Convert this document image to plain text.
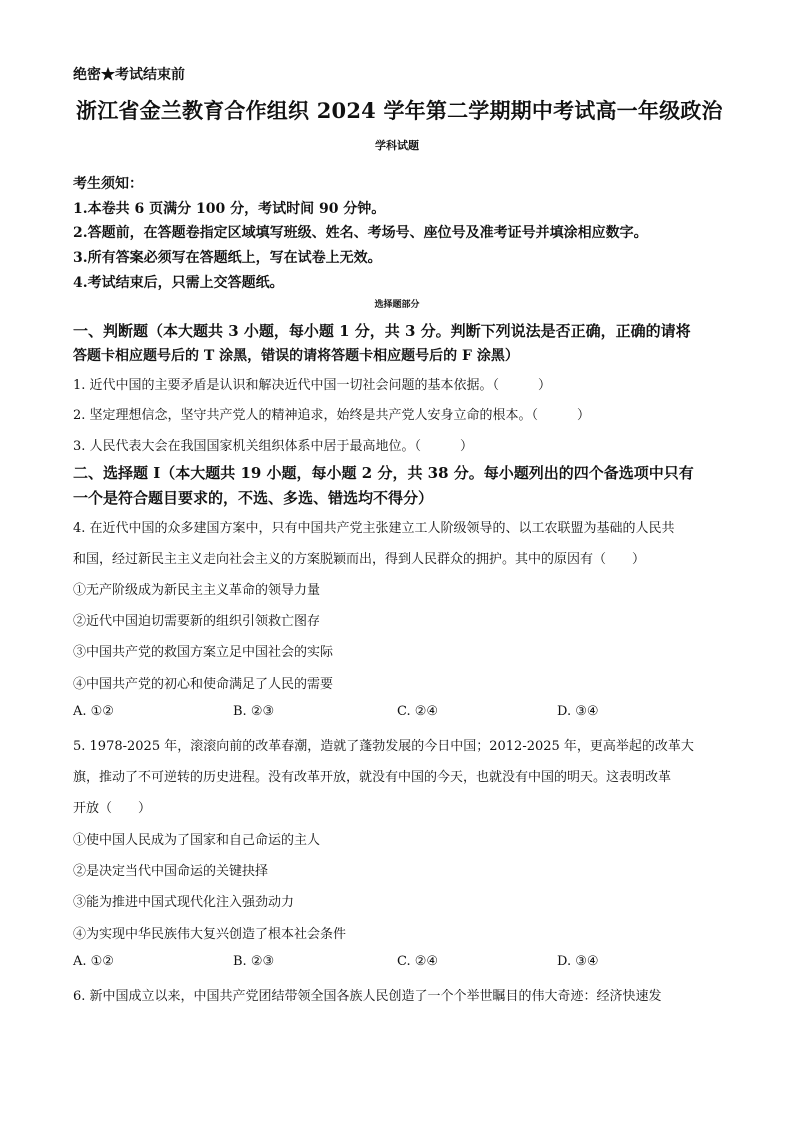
绝密★考试结束前
浙江省金兰教育合作组织 2024 学年第二学期期中考试高一年级政治
学科试题
考生须知：
1.本卷共 6 页满分 100 分，考试时间 90 分钟。
2.答题前，在答题卷指定区域填写班级、姓名、考场号、座位号及准考证号并填涂相应数字。
3.所有答案必须写在答题纸上，写在试卷上无效。
4.考试结束后，只需上交答题纸。
选择题部分
一、判断题（本大题共 3 小题，每小题 1 分，共 3 分。判断下列说法是否正确，正确的请将
答题卡相应题号后的 T 涂黑，错误的请将答题卡相应题号后的 F 涂黑）
1. 近代中国的主要矛盾是认识和解决近代中国一切社会问题的基本依据。（　　　）
2. 坚定理想信念，坚守共产党人的精神追求，始终是共产党人安身立命的根本。（　　　）
3. 人民代表大会在我国国家机关组织体系中居于最高地位。（　　　）
二、选择题 I（本大题共 19 小题，每小题 2 分，共 38 分。每小题列出的四个备选项中只有
一个是符合题目要求的，不选、多选、错选均不得分）
4. 在近代中国的众多建国方案中，只有中国共产党主张建立工人阶级领导的、以工农联盟为基础的人民共
和国，经过新民主主义走向社会主义的方案脱颖而出，得到人民群众的拥护。其中的原因有（　　）
①无产阶级成为新民主主义革命的领导力量
②近代中国迫切需要新的组织引领救亡图存
③中国共产党的救国方案立足中国社会的实际
④中国共产党的初心和使命满足了人民的需要
A. ①②	B. ②③	C. ②④	D. ③④
5. 1978-2025 年，滚滚向前的改革春潮，造就了蓬勃发展的今日中国；2012-2025 年，更高举起的改革大
旗，推动了不可逆转的历史进程。没有改革开放，就没有中国的今天，也就没有中国的明天。这表明改革
开放（　　）
①使中国人民成为了国家和自己命运的主人
②是决定当代中国命运的关键抉择
③能为推进中国式现代化注入强劲动力
④为实现中华民族伟大复兴创造了根本社会条件
A. ①②	B. ②③	C. ②④	D. ③④
6. 新中国成立以来，中国共产党团结带领全国各族人民创造了一个个举世瞩目的伟大奇迹：经济快速发
